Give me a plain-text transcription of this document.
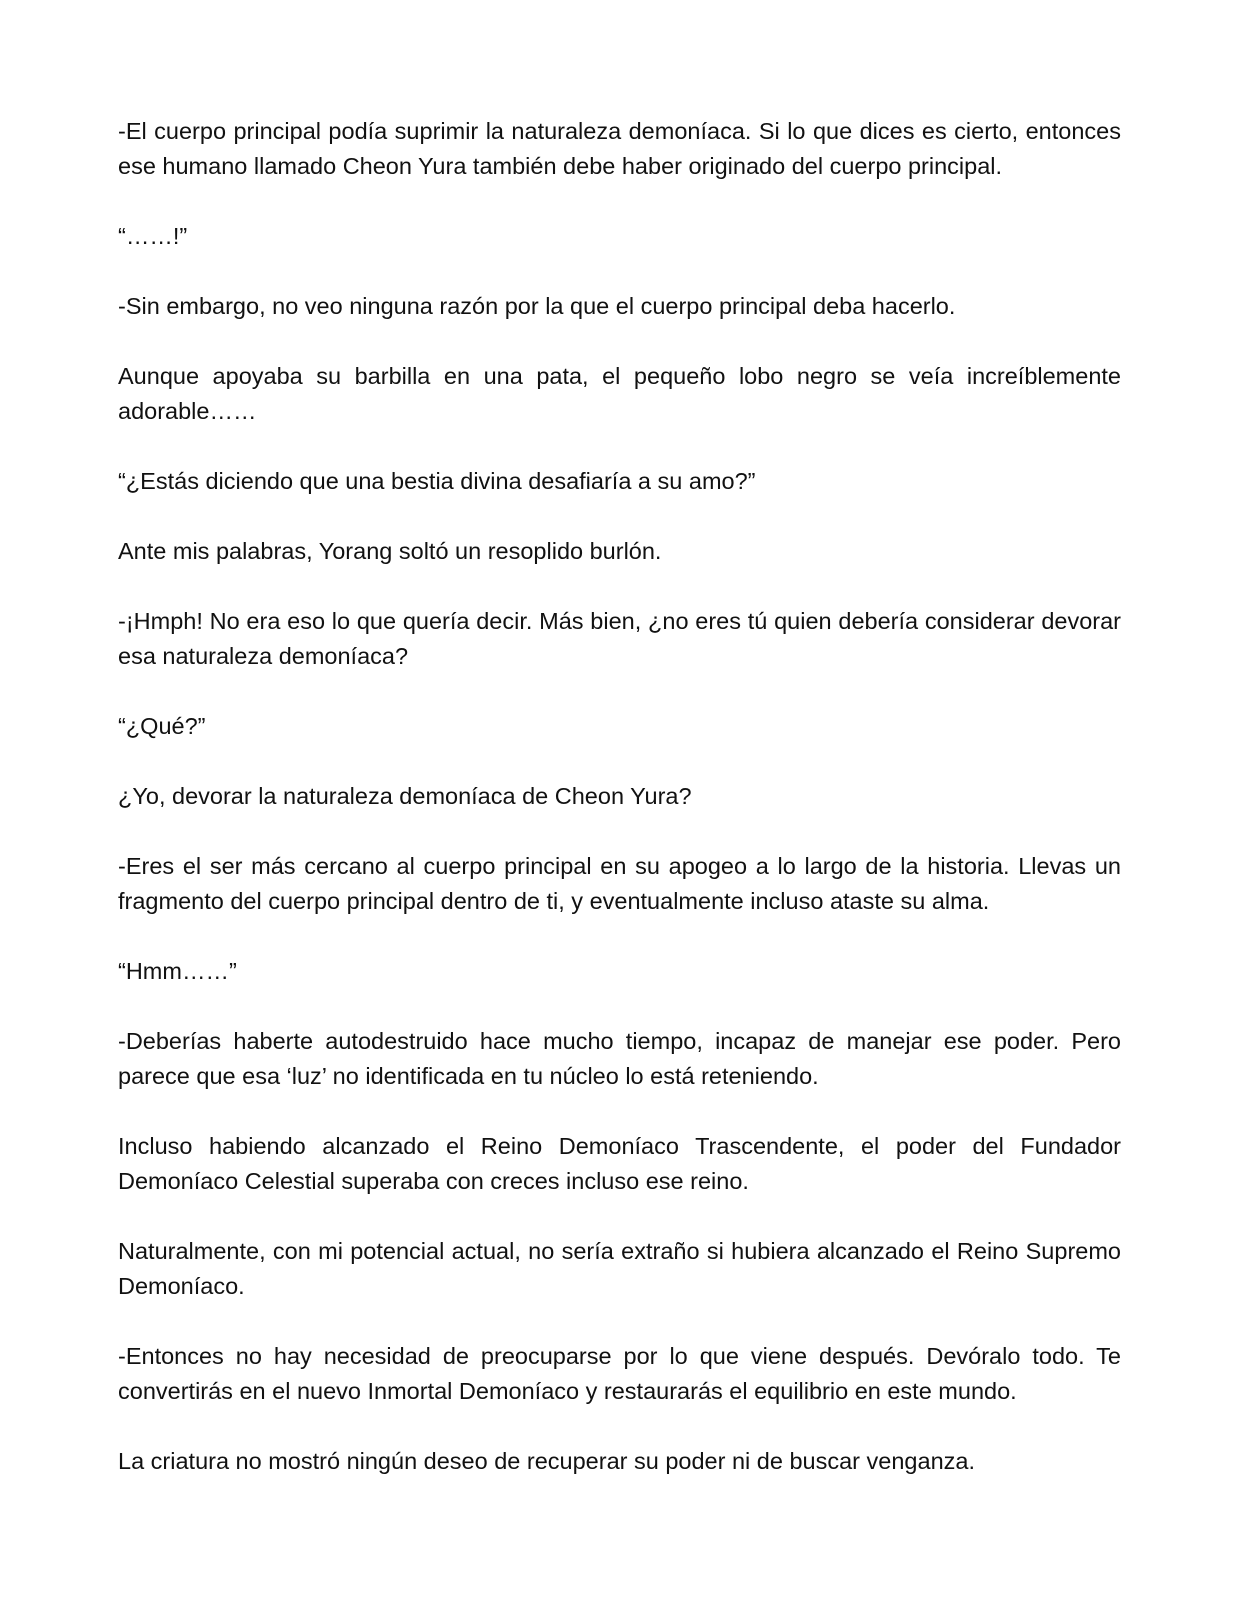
-El cuerpo principal podía suprimir la naturaleza demoníaca. Si lo que dices es cierto, entonces ese humano llamado Cheon Yura también debe haber originado del cuerpo principal.

“……!”

-Sin embargo, no veo ninguna razón por la que el cuerpo principal deba hacerlo.

Aunque apoyaba su barbilla en una pata, el pequeño lobo negro se veía increíblemente adorable……

“¿Estás diciendo que una bestia divina desafiaría a su amo?”

Ante mis palabras, Yorang soltó un resoplido burlón.

-¡Hmph! No era eso lo que quería decir. Más bien, ¿no eres tú quien debería considerar devorar esa naturaleza demoníaca?

“¿Qué?”

¿Yo, devorar la naturaleza demoníaca de Cheon Yura?

-Eres el ser más cercano al cuerpo principal en su apogeo a lo largo de la historia. Llevas un fragmento del cuerpo principal dentro de ti, y eventualmente incluso ataste su alma.

“Hmm……”

-Deberías haberte autodestruido hace mucho tiempo, incapaz de manejar ese poder. Pero parece que esa ‘luz’ no identificada en tu núcleo lo está reteniendo.

Incluso habiendo alcanzado el Reino Demoníaco Trascendente, el poder del Fundador Demoníaco Celestial superaba con creces incluso ese reino.

Naturalmente, con mi potencial actual, no sería extraño si hubiera alcanzado el Reino Supremo Demoníaco.

-Entonces no hay necesidad de preocuparse por lo que viene después. Devóralo todo. Te convertirás en el nuevo Inmortal Demoníaco y restaurarás el equilibrio en este mundo.

La criatura no mostró ningún deseo de recuperar su poder ni de buscar venganza.
